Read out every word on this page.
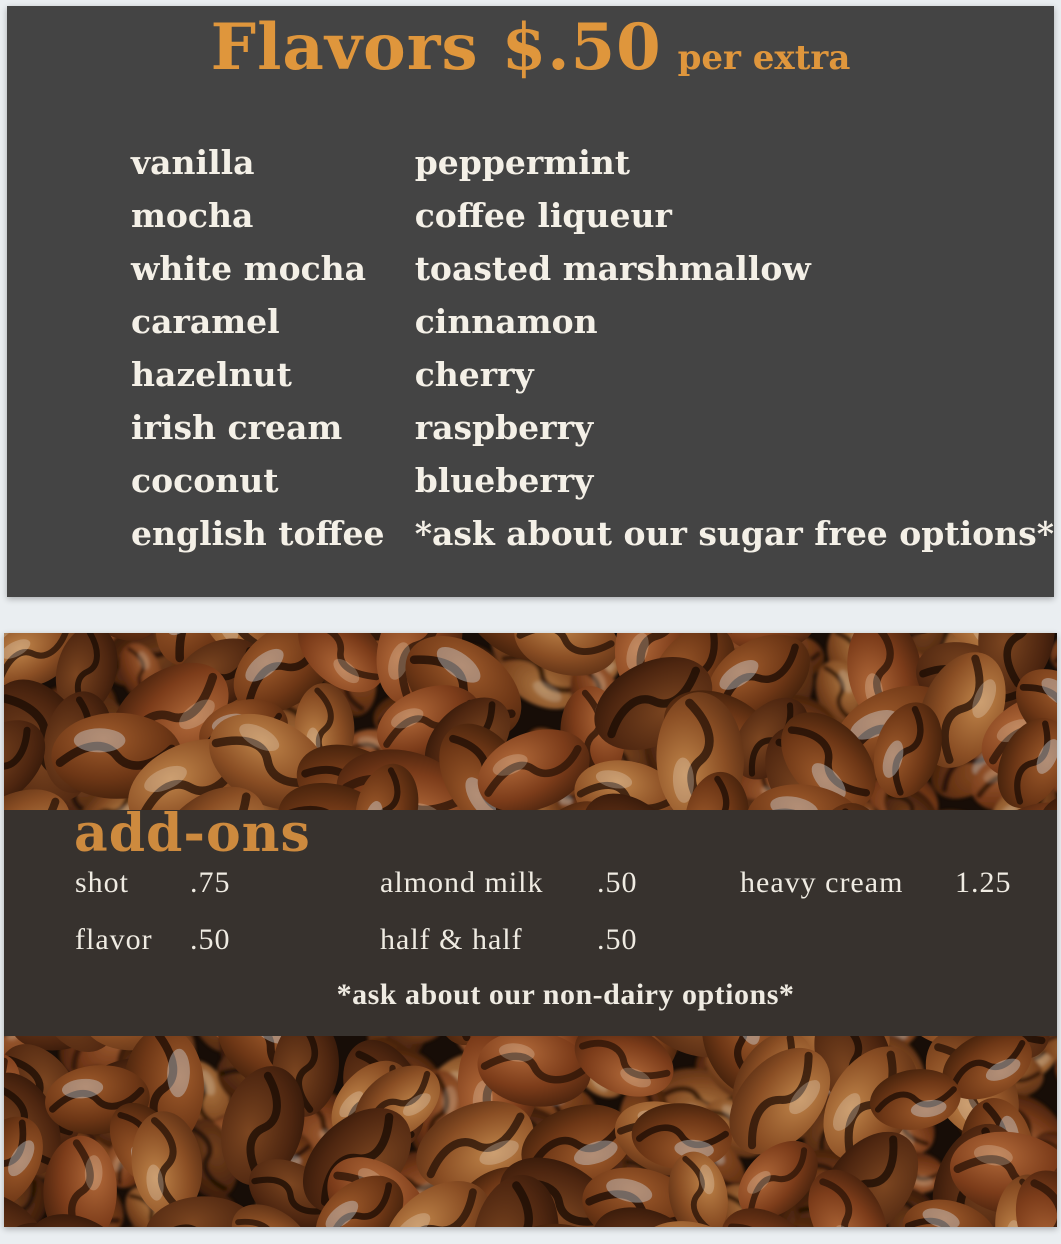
Flavors $.50 per extra
vanilla
mocha
white mocha
caramel
hazelnut
irish cream
coconut
english toffee
peppermint
coffee liqueur
toasted marshmallow
cinnamon
cherry
raspberry
blueberry
*ask about our sugar free options*
add-ons
shot .75	almond milk .50	heavy cream 1.25
flavor .50	half & half .50
*ask about our non-dairy options*
